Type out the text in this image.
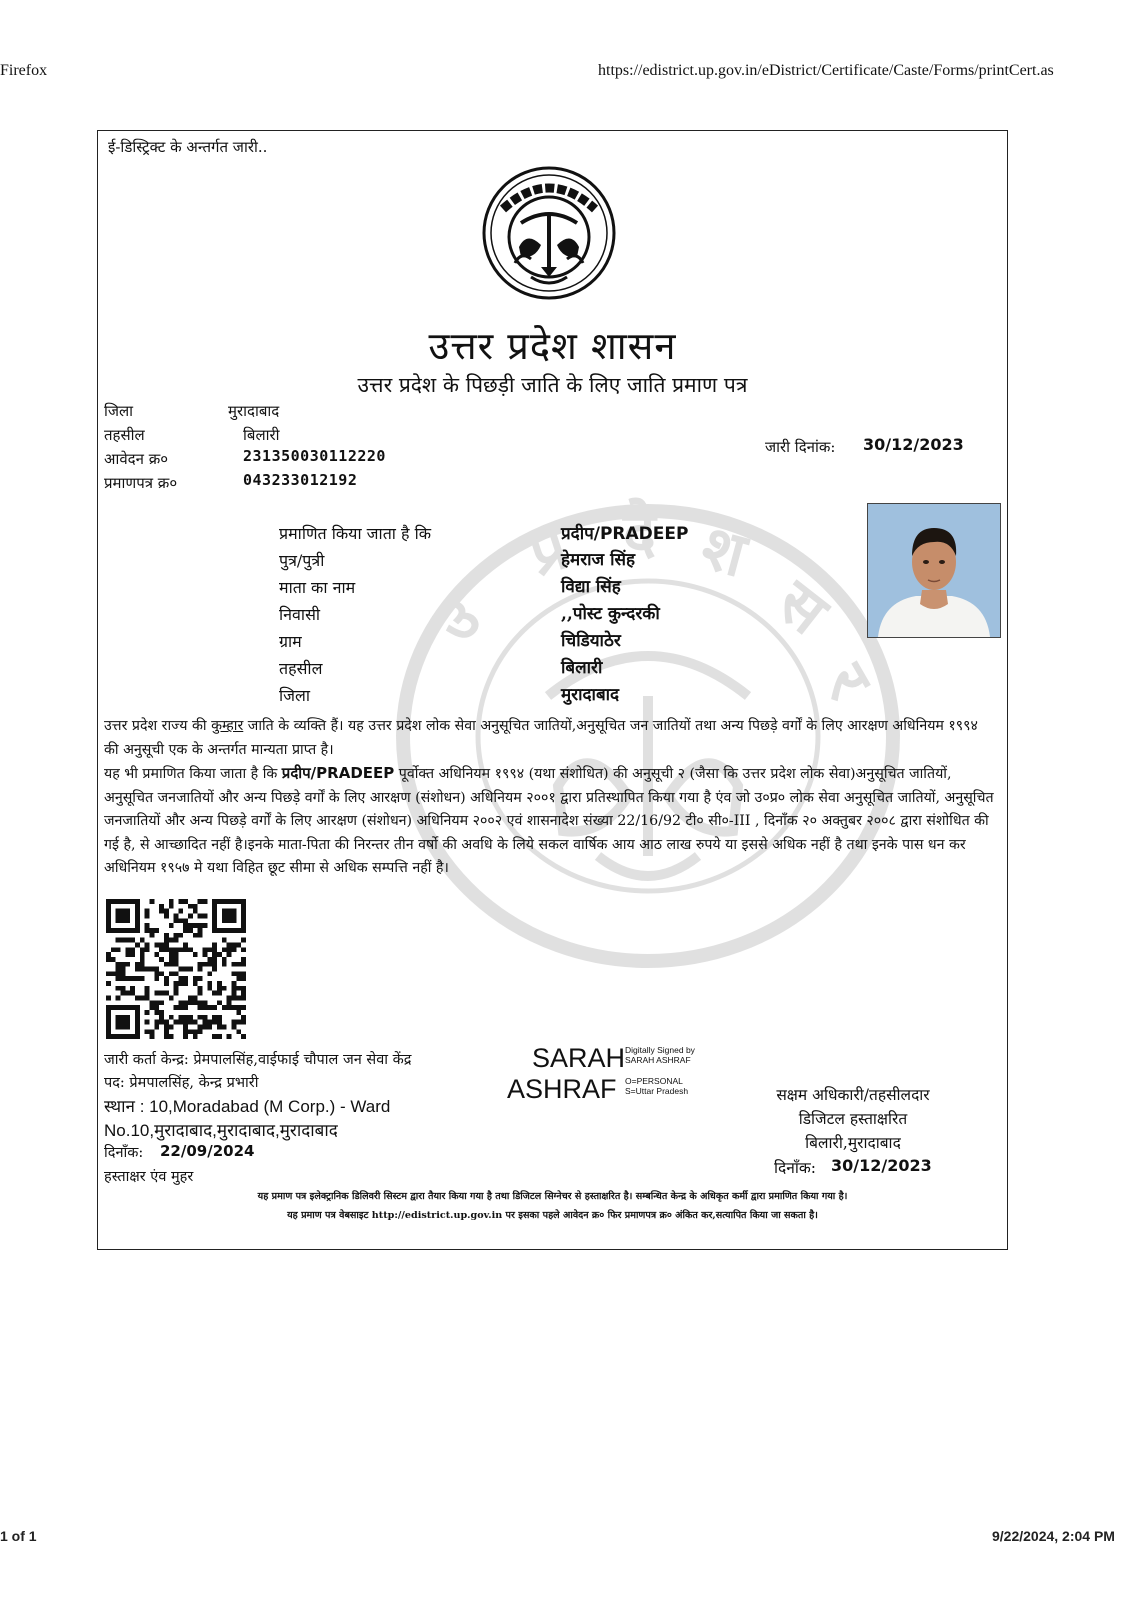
Firefox	https://edistrict.up.gov.in/eDistrict/Certificate/Caste/Forms/printCert.as
उ
प्र दे श
स
र
ई-डिस्ट्रिक्ट के अन्तर्गत जारी..
उत्तर प्रदेश शासन
उत्तर प्रदेश के पिछड़ी जाति के लिए जाति प्रमाण पत्र
जिला	मुरादाबाद
तहसील	बिलारी
आवेदन क्र०	231350030112220
प्रमाणपत्र क्र०	043233012192
जारी दिनांक: 30/12/2023
प्रमाणित किया जाता है कि	प्रदीप/PRADEEP
पुत्र/पुत्री	हेमराज सिंह
माता का नाम	विद्या सिंह
निवासी	,,पोस्ट कुन्दरकी
ग्राम	चिडियाठेर
तहसील	बिलारी
जिला	मुरादाबाद

उत्तर प्रदेश राज्य की कुम्हार जाति के व्यक्ति हैं। यह उत्तर प्रदेश लोक सेवा अनुसूचित जातियों,अनुसूचित जन जातियों तथा अन्य पिछड़े वर्गों के लिए आरक्षण अधिनियम १९९४ की अनुसूची एक के अन्तर्गत मान्यता प्राप्त है।

यह भी प्रमाणित किया जाता है कि प्रदीप/PRADEEP पूर्वोक्त अधिनियम १९९४ (यथा संशोधित) की अनुसूची २ (जैसा कि उत्तर प्रदेश लोक सेवा)अनुसूचित जातियों, अनुसूचित जनजातियों और अन्य पिछड़े वर्गों के लिए आरक्षण (संशोधन) अधिनियम २००१ द्वारा प्रतिस्थापित किया गया है एंव जो उ०प्र० लोक सेवा अनुसूचित जातियों, अनुसूचित जनजातियों और अन्य पिछड़े वर्गों के लिए आरक्षण (संशोधन) अधिनियम २००२ एवं शासनादेश संख्या 22/16/92 टी० सी०-III , दिनाँक २० अक्तुबर २००८ द्वारा संशोधित की गई है, से आच्छादित नहीं है।इनके माता-पिता की निरन्तर तीन वर्षो की अवधि के लिये सकल वार्षिक आय आठ लाख रुपये या इससे अधिक नहीं है तथा इनके पास धन कर अधिनियम १९५७ मे यथा विहित छूट सीमा से अधिक सम्पत्ति नहीं है।

जारी कर्ता केन्द्र: प्रेमपालसिंह,वाईफाई चौपाल जन सेवा केंद्र
पद: प्रेमपालसिंह, केन्द्र प्रभारी
स्थान : 10,Moradabad (M Corp.) - Ward
No.10,मुरादाबाद,मुरादाबाद,मुरादाबाद
दिनाँक: 22/09/2024
हस्ताक्षर एंव मुहर
SARAH
ASHRAF
Digitally Signed by
SARAH ASHRAF
O=PERSONAL
S=Uttar Pradesh	सक्षम अधिकारी/तहसीलदार
डिजिटल हस्ताक्षरित
बिलारी,मुरादाबाद
दिनाँक: 30/12/2023
यह प्रमाण पत्र इलेक्ट्रानिक डिलिवरी सिस्टम द्वारा तैयार किया गया है तथा डिजिटल सिग्नेचर से हस्ताक्षरित है। सम्बन्धित केन्द्र के अधिकृत कर्मी द्वारा प्रमाणित किया गया है।
यह प्रमाण पत्र वेबसाइट http://edistrict.up.gov.in पर इसका पहले आवेदन क्र० फिर प्रमाणपत्र क्र० अंकित कर,सत्यापित किया जा सकता है।
1 of 1	9/22/2024, 2:04 PM
